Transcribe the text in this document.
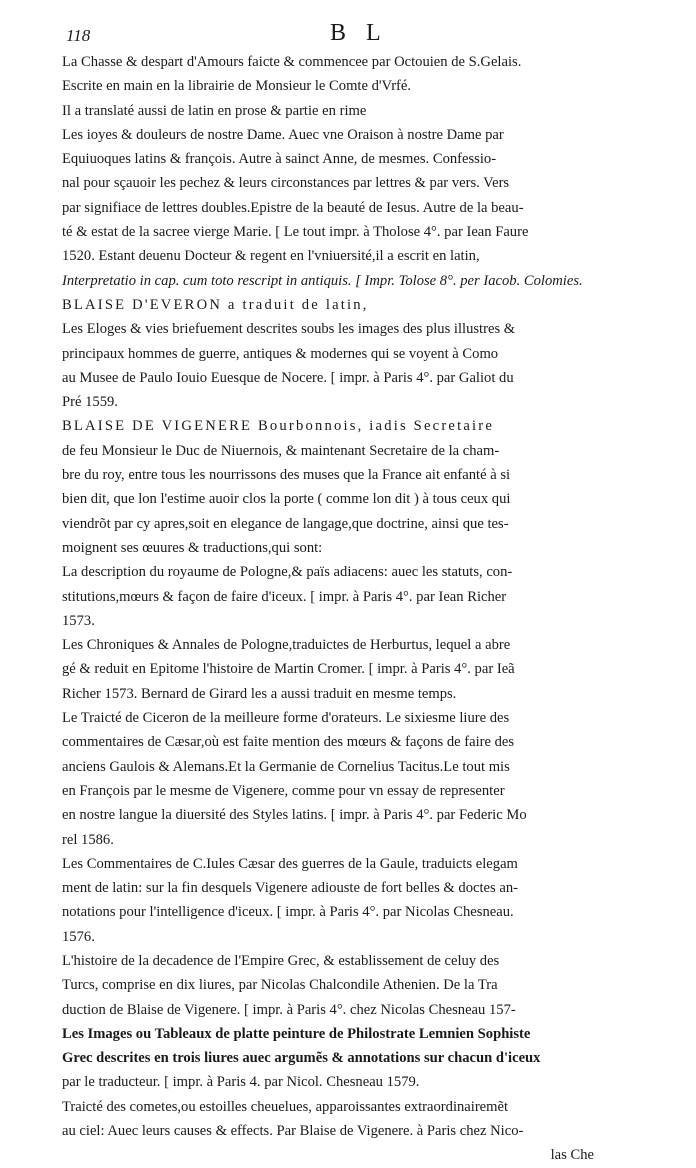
118	B L
La Chasse & despart d'Amours faicte & commencee par Octouien de S.Gelais.
Escrite en main en la librairie de Monsieur le Comte d'Vrfé.
Il a translaté aussi de latin en prose & partie en rime
Les ioyes & douleurs de nostre Dame. Auec vne Oraison à nostre Dame par
Equiuoques latins & françois. Autre à sainct Anne, de mesmes. Confessio-
nal pour sçauoir les pechez & leurs circonstances par lettres & par vers. Vers
par signifiace de lettres doubles.Epistre de la beauté de Iesus. Autre de la beau-
té & estat de la sacree vierge Marie. [ Le tout impr. à Tholose 4°. par Iean Faure
1520. Estant deuenu Docteur & regent en l'vniuersité,il a escrit en latin,
Interpretatio in cap. cum toto rescript in antiquis. [ Impr. Tolose 8°. per Iacob. Colomies.
BLAISE D'EVERON a traduit de latin,
Les Eloges & vies briefuement descrites soubs les images des plus illustres &
principaux hommes de guerre, antiques & modernes qui se voyent à Como
au Musee de Paulo Iouio Euesque de Nocere. [ impr. à Paris 4°. par Galiot du
Pré 1559.
BLAISE DE VIGENERE Bourbonnois, iadis Secretaire
de feu Monsieur le Duc de Niuernois, & maintenant Secretaire de la cham-
bre du roy, entre tous les nourrissons des muses que la France ait enfanté à si
bien dit, que lon l'estime auoir clos la porte ( comme lon dit ) à tous ceux qui
viendrõt par cy apres,soit en elegance de langage,que doctrine, ainsi que tes-
moignent ses œuures & traductions,qui sont:
La description du royaume de Pologne,& païs adiacens: auec les statuts, con-
stitutions,mœurs & façon de faire d'iceux. [ impr. à Paris 4°. par Iean Richer
1573.
Les Chroniques & Annales de Pologne,traduictes de Herburtus, lequel a abre
gé & reduit en Epitome l'histoire de Martin Cromer. [ impr. à Paris 4°. par Ieã
Richer 1573. Bernard de Girard les a aussi traduit en mesme temps.
Le Traicté de Ciceron de la meilleure forme d'orateurs. Le sixiesme liure des
commentaires de Cæsar,où est faite mention des mœurs & façons de faire des
anciens Gaulois & Alemans.Et la Germanie de Cornelius Tacitus.Le tout mis
en François par le mesme de Vigenere, comme pour vn essay de representer
en nostre langue la diuersité des Styles latins. [ impr. à Paris 4°. par Federic Mo
rel 1586.
Les Commentaires de C.Iules Cæsar des guerres de la Gaule, traduicts elegam
ment de latin: sur la fin desquels Vigenere adiouste de fort belles & doctes an-
notations pour l'intelligence d'iceux. [ impr. à Paris 4°. par Nicolas Chesneau.
1576.
L'histoire de la decadence de l'Empire Grec, & establissement de celuy des
Turcs, comprise en dix liures, par Nicolas Chalcondile Athenien. De la Tra
duction de Blaise de Vigenere. [ impr. à Paris 4°. chez Nicolas Chesneau 157-
Les Images ou Tableaux de platte peinture de Philostrate Lemnien Sophiste
Grec descrites en trois liures auec argumẽs & annotations sur chacun d'iceux
par le traducteur. [ impr. à Paris 4. par Nicol. Chesneau 1579.
Traicté des cometes,ou estoilles cheuelues, apparoissantes extraordinairemẽt
au ciel: Auec leurs causes & effects. Par Blaise de Vigenere. à Paris chez Nico-
las Che
